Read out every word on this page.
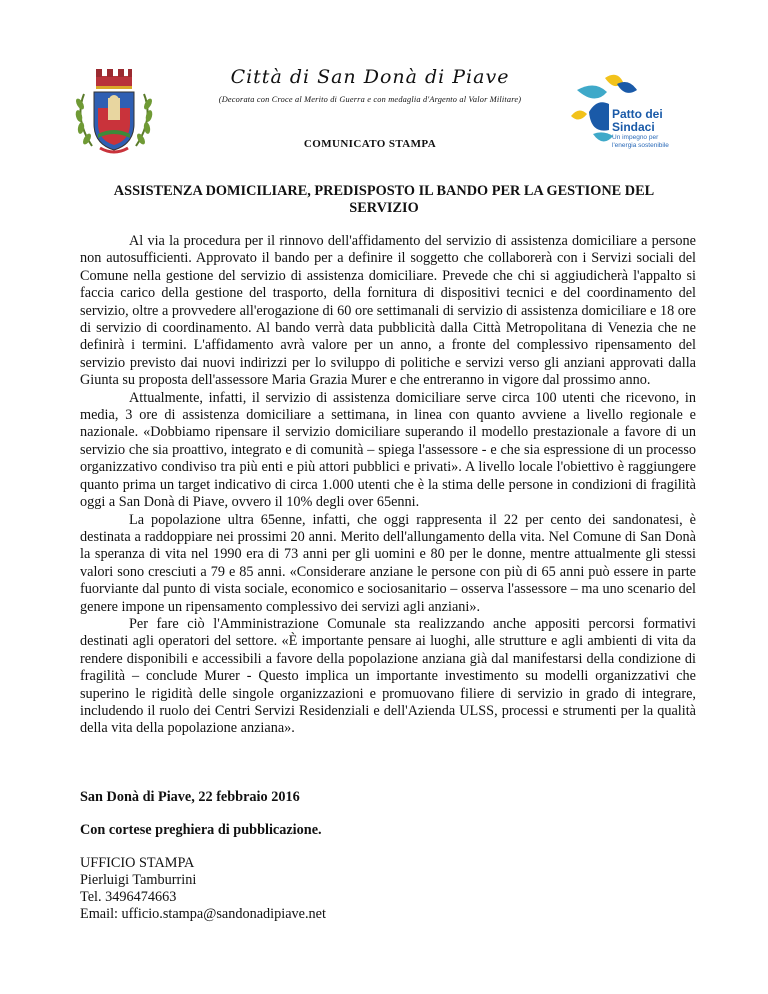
Città di San Donà di Piave
(Decorata con Croce al Merito di Guerra e con medaglia d'Argento al Valor Militare)
COMUNICATO STAMPA
Patto dei
Sindaci
Un impegno per
l'energia sostenibile
ASSISTENZA DOMICILIARE, PREDISPOSTO IL BANDO PER LA GESTIONE DEL SERVIZIO

Al via la procedura per il rinnovo dell'affidamento del servizio di assistenza domiciliare a persone non autosufficienti. Approvato il bando per a definire il soggetto che collaborerà con i Servizi sociali del Comune nella gestione del servizio di assistenza domiciliare. Prevede che chi si aggiudicherà l'appalto si faccia carico della gestione del trasporto, della fornitura di dispositivi tecnici e del coordinamento del servizio, oltre a provvedere all'erogazione di 60 ore settimanali di servizio di assistenza domiciliare e 18 ore di servizio di coordinamento. Al bando verrà data pubblicità dalla Città Metropolitana di Venezia che ne definirà i termini. L'affidamento avrà valore per un anno, a fronte del complessivo ripensamento del servizio previsto dai nuovi indirizzi per lo sviluppo di politiche e servizi verso gli anziani approvati dalla Giunta su proposta dell'assessore Maria Grazia Murer e che entreranno in vigore dal prossimo anno.

Attualmente, infatti, il servizio di assistenza domiciliare serve circa 100 utenti che ricevono, in media, 3 ore di assistenza domiciliare a settimana, in linea con quanto avviene a livello regionale e nazionale. «Dobbiamo ripensare il servizio domiciliare superando il modello prestazionale a favore di un servizio che sia proattivo, integrato e di comunità – spiega l'assessore - e che sia espressione di un processo organizzativo condiviso tra più enti e più attori pubblici e privati». A livello locale l'obiettivo è raggiungere quanto prima un target indicativo di circa 1.000 utenti che è la stima delle persone in condizioni di fragilità oggi a San Donà di Piave, ovvero il 10% degli over 65enni.

La popolazione ultra 65enne, infatti, che oggi rappresenta il 22 per cento dei sandonatesi, è destinata a raddoppiare nei prossimi 20 anni. Merito dell'allungamento della vita. Nel Comune di San Donà la speranza di vita nel 1990 era di 73 anni per gli uomini e 80 per le donne, mentre attualmente gli stessi valori sono cresciuti a 79 e 85 anni. «Considerare anziane le persone con più di 65 anni può essere in parte fuorviante dal punto di vista sociale, economico e sociosanitario – osserva l'assessore – ma uno scenario del genere impone un ripensamento complessivo dei servizi agli anziani».

Per fare ciò l'Amministrazione Comunale sta realizzando anche appositi percorsi formativi destinati agli operatori del settore. «È importante pensare ai luoghi, alle strutture e agli ambienti di vita da rendere disponibili e accessibili a favore della popolazione anziana già dal manifestarsi della condizione di fragilità – conclude Murer - Questo implica un importante investimento su modelli organizzativi che superino le rigidità delle singole organizzazioni e promuovano filiere di servizio in grado di integrare, includendo il ruolo dei Centri Servizi Residenziali e dell'Azienda ULSS, processi e strumenti per la qualità della vita della popolazione anziana».

San Donà di Piave, 22 febbraio 2016
Con cortese preghiera di pubblicazione.
UFFICIO STAMPA
Pierluigi Tamburrini
Tel. 3496474663
Email: ufficio.stampa@sandonadipiave.net
